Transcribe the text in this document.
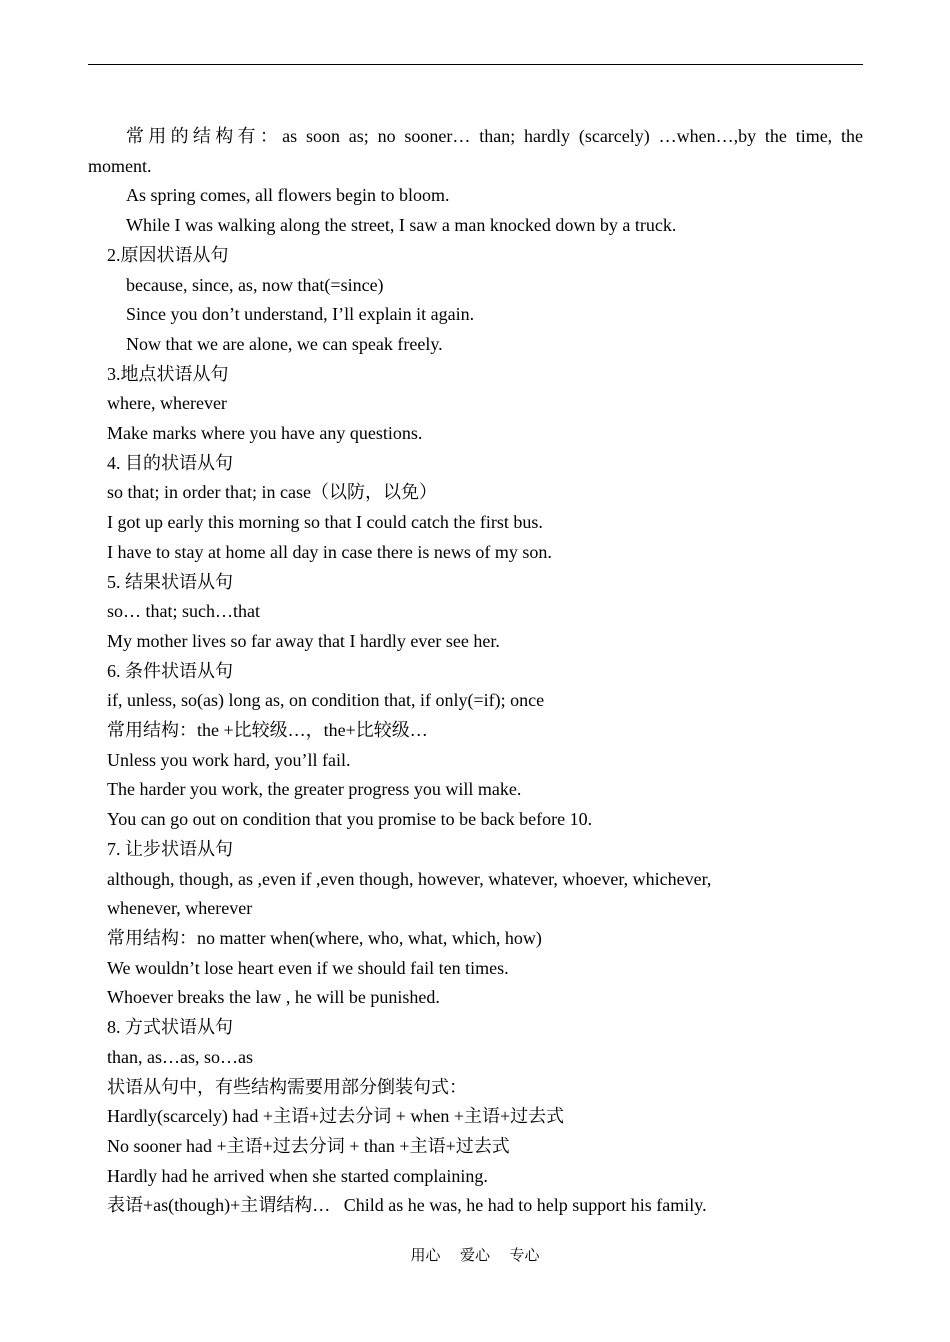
常用的结构有：as soon as; no sooner… than; hardly (scarcely) …when…,by the time, the
moment.
As spring comes, all flowers begin to bloom.
While I was walking along the street, I saw a man knocked down by a truck.
2.原因状语从句
because, since, as, now that(=since)
Since you don’t understand, I’ll explain it again.
Now that we are alone, we can speak freely.
3.地点状语从句
where, wherever
Make marks where you have any questions.
4. 目的状语从句
so that; in order that; in case（以防，以免）
I got up early this morning so that I could catch the first bus.
I have to stay at home all day in case there is news of my son.
5. 结果状语从句
so… that; such…that
My mother lives so far away that I hardly ever see her.
6. 条件状语从句
if, unless, so(as) long as, on condition that, if only(=if); once
常用结构：the +比较级…，the+比较级…
Unless you work hard, you’ll fail.
The harder you work, the greater progress you will make.
You can go out on condition that you promise to be back before 10.
7. 让步状语从句
although, though, as ,even if ,even though, however, whatever, whoever, whichever,
whenever, wherever
常用结构：no matter when(where, who, what, which, how)
We wouldn’t lose heart even if we should fail ten times.
Whoever breaks the law , he will be punished.
8. 方式状语从句
than, as…as, so…as
状语从句中，有些结构需要用部分倒装句式：
Hardly(scarcely) had +主语+过去分词 + when +主语+过去式
No sooner had +主语+过去分词 + than +主语+过去式
Hardly had he arrived when she started complaining.
表语+as(though)+主谓结构…   Child as he was, he had to help support his family.
用心  爱心  专心
